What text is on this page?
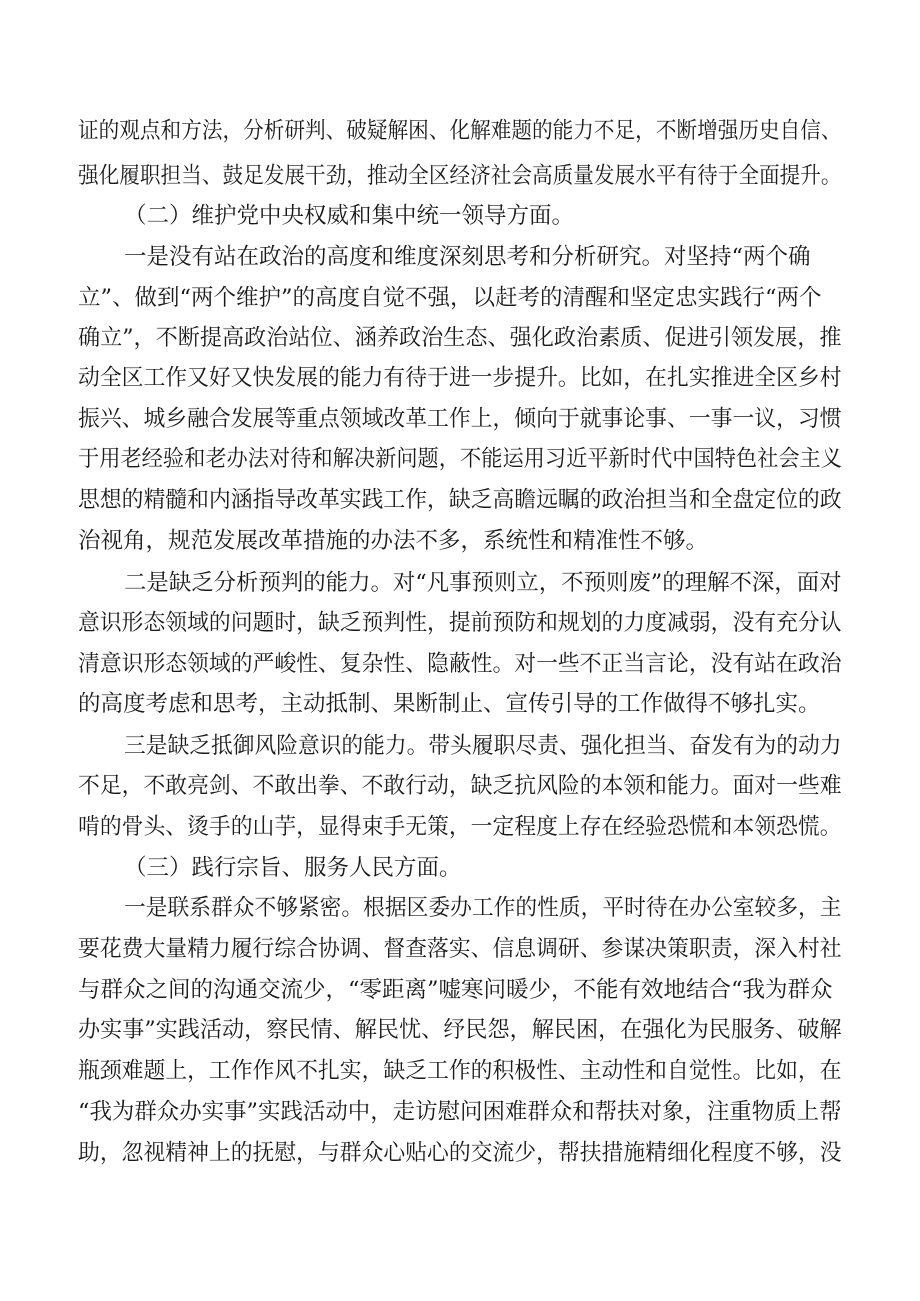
证的观点和方法，分析研判、破疑解困、化解难题的能力不足，不断增强历史自信、
强化履职担当、鼓足发展干劲，推动全区经济社会高质量发展水平有待于全面提升。
（二）维护党中央权威和集中统一领导方面。
一是没有站在政治的高度和维度深刻思考和分析研究。对坚持“两个确
立”、做到“两个维护”的高度自觉不强，以赶考的清醒和坚定忠实践行“两个
确立”，不断提高政治站位、涵养政治生态、强化政治素质、促进引领发展，推
动全区工作又好又快发展的能力有待于进一步提升。比如，在扎实推进全区乡村
振兴、城乡融合发展等重点领域改革工作上，倾向于就事论事、一事一议，习惯
于用老经验和老办法对待和解决新问题，不能运用习近平新时代中国特色社会主义
思想的精髓和内涵指导改革实践工作，缺乏高瞻远瞩的政治担当和全盘定位的政
治视角，规范发展改革措施的办法不多，系统性和精准性不够。
二是缺乏分析预判的能力。对“凡事预则立，不预则废”的理解不深，面对
意识形态领域的问题时，缺乏预判性，提前预防和规划的力度减弱，没有充分认
清意识形态领域的严峻性、复杂性、隐蔽性。对一些不正当言论，没有站在政治
的高度考虑和思考，主动抵制、果断制止、宣传引导的工作做得不够扎实。
三是缺乏抵御风险意识的能力。带头履职尽责、强化担当、奋发有为的动力
不足，不敢亮剑、不敢出拳、不敢行动，缺乏抗风险的本领和能力。面对一些难
啃的骨头、烫手的山芋，显得束手无策，一定程度上存在经验恐慌和本领恐慌。
（三）践行宗旨、服务人民方面。
一是联系群众不够紧密。根据区委办工作的性质，平时待在办公室较多，主
要花费大量精力履行综合协调、督查落实、信息调研、参谋决策职责，深入村社
与群众之间的沟通交流少，“零距离”嘘寒问暖少，不能有效地结合“我为群众
办实事”实践活动，察民情、解民忧、纾民怨，解民困，在强化为民服务、破解
瓶颈难题上，工作作风不扎实，缺乏工作的积极性、主动性和自觉性。比如，在
“我为群众办实事”实践活动中，走访慰问困难群众和帮扶对象，注重物质上帮
助，忽视精神上的抚慰，与群众心贴心的交流少，帮扶措施精细化程度不够，没
